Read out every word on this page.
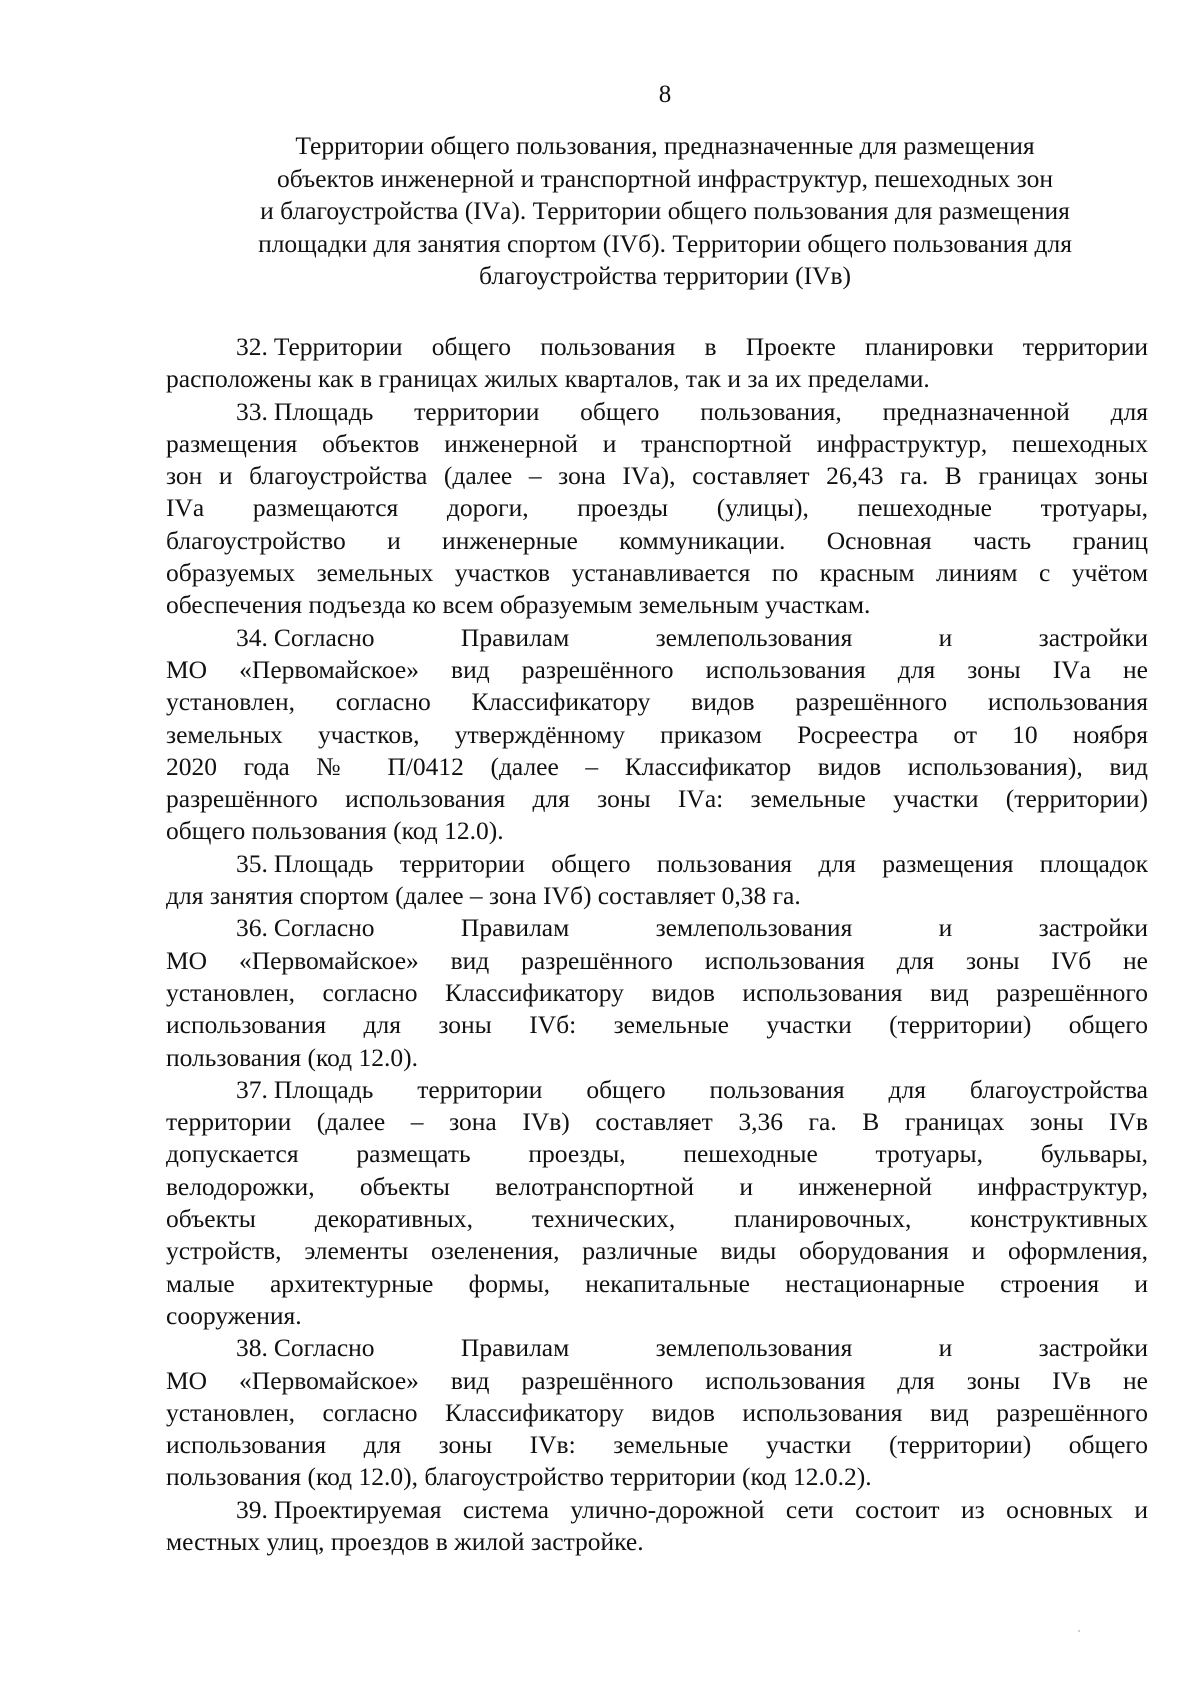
8
Территории общего пользования, предназначенные для размещения
объектов инженерной и транспортной инфраструктур, пешеходных зон
и благоустройства (IVа). Территории общего пользования для размещения
площадки для занятия спортом (IVб). Территории общего пользования для
благоустройства территории (IVв)
32. Территории общего пользования в Проекте планировки территории
расположены как в границах жилых кварталов, так и за их пределами.
33. Площадь территории общего пользования, предназначенной для
размещения объектов инженерной и транспортной инфраструктур, пешеходных
зон и благоустройства (далее – зона IVа), составляет 26,43 га. В границах зоны
IVа размещаются дороги, проезды (улицы), пешеходные тротуары,
благоустройство и инженерные коммуникации. Основная часть границ
образуемых земельных участков устанавливается по красным линиям с учётом
обеспечения подъезда ко всем образуемым земельным участкам.
34. Согласно Правилам землепользования и застройки
МО «Первомайское» вид разрешённого использования для зоны IVа не
установлен, согласно Классификатору видов разрешённого использования
земельных участков, утверждённому приказом Росреестра от 10 ноября
2020 года № П/0412 (далее – Классификатор видов использования), вид
разрешённого использования для зоны IVа: земельные участки (территории)
общего пользования (код 12.0).
35. Площадь территории общего пользования для размещения площадок
для занятия спортом (далее – зона IVб) составляет 0,38 га.
36. Согласно Правилам землепользования и застройки
МО «Первомайское» вид разрешённого использования для зоны IVб не
установлен, согласно Классификатору видов использования вид разрешённого
использования для зоны IVб: земельные участки (территории) общего
пользования (код 12.0).
37. Площадь территории общего пользования для благоустройства
территории (далее – зона IVв) составляет 3,36 га. В границах зоны IVв
допускается размещать проезды, пешеходные тротуары, бульвары,
велодорожки, объекты велотранспортной и инженерной инфраструктур,
объекты декоративных, технических, планировочных, конструктивных
устройств, элементы озеленения, различные виды оборудования и оформления,
малые архитектурные формы, некапитальные нестационарные строения и
сооружения.
38. Согласно Правилам землепользования и застройки
МО «Первомайское» вид разрешённого использования для зоны IVв не
установлен, согласно Классификатору видов использования вид разрешённого
использования для зоны IVв: земельные участки (территории) общего
пользования (код 12.0), благоустройство территории (код 12.0.2).
39. Проектируемая система улично-дорожной сети состоит из основных и
местных улиц, проездов в жилой застройке.
